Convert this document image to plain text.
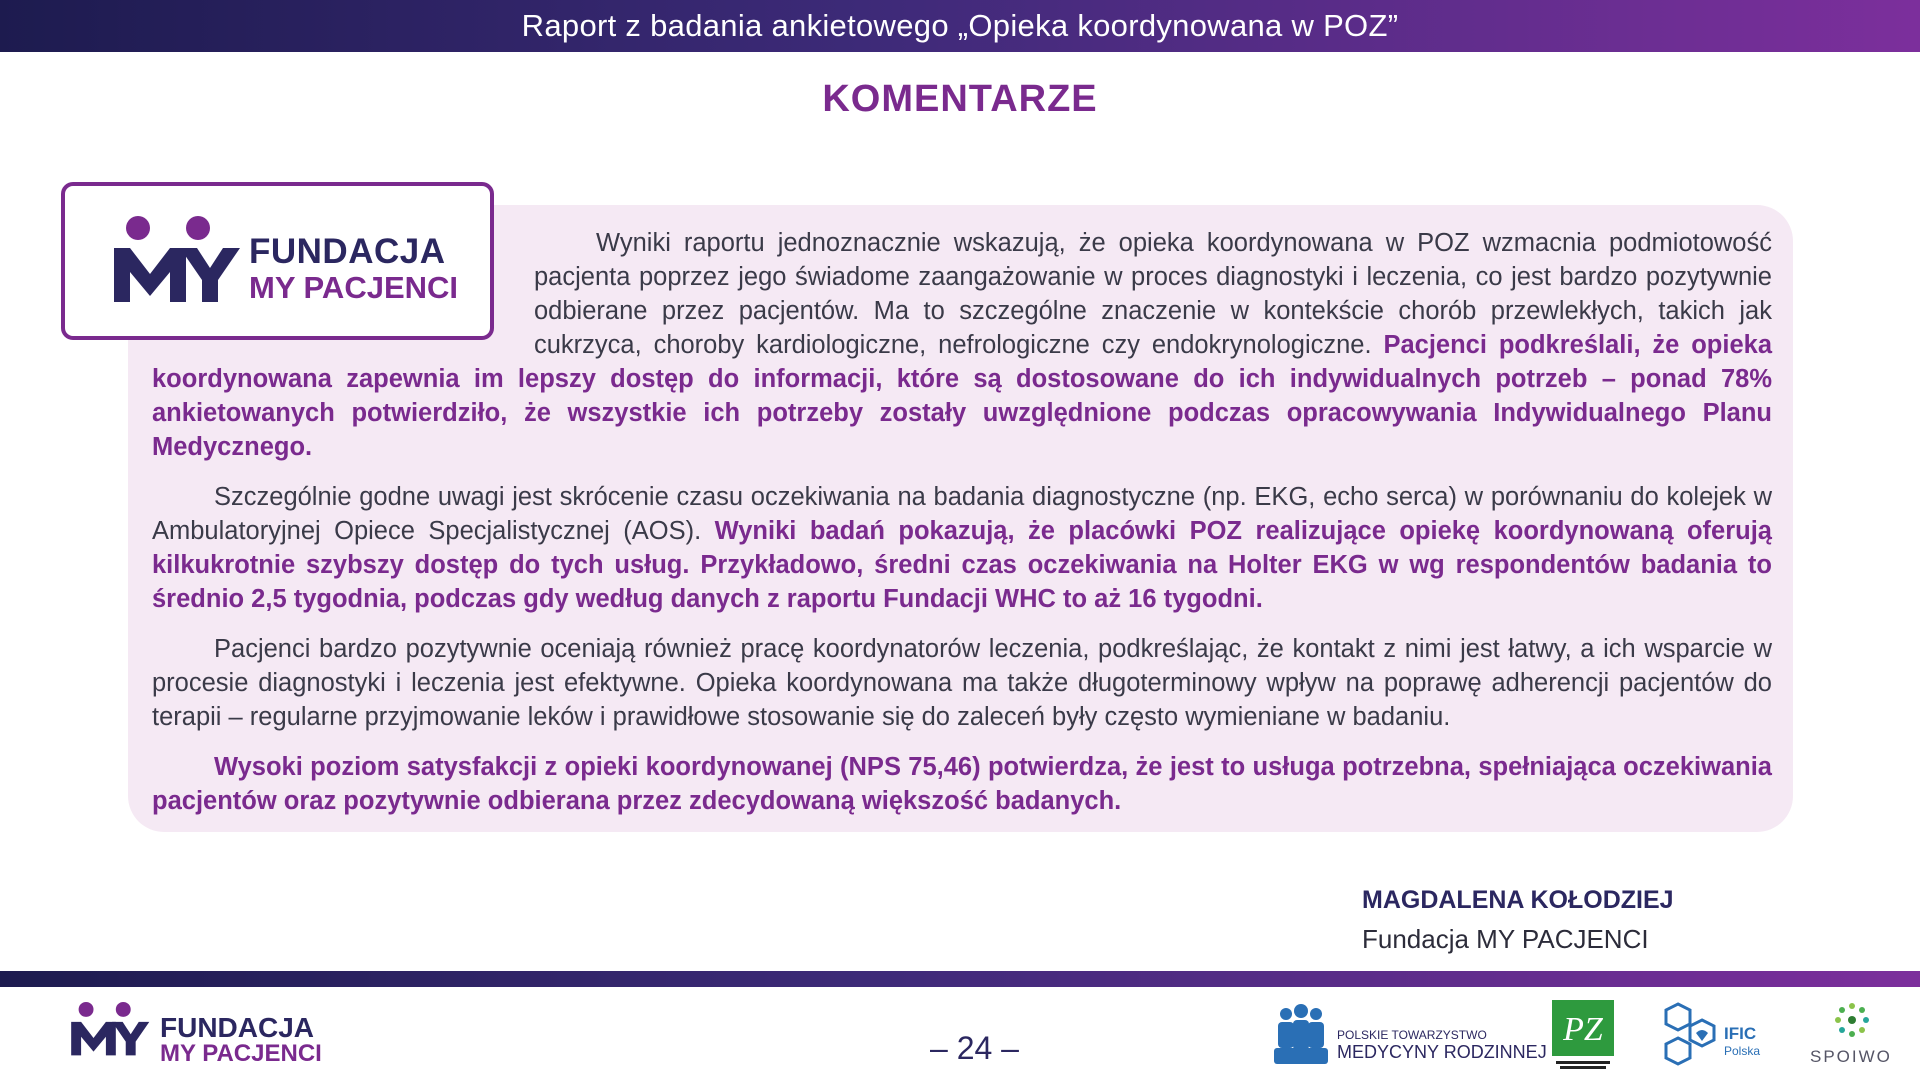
Raport z badania ankietowego „Opieka koordynowana w POZ”
KOMENTARZE
FUNDACJA
MY PACJENCI

Wyniki raportu jednoznacznie wskazują, że opieka koordynowana w POZ wzmacnia podmiotowość pacjenta poprzez jego świadome zaangażowanie w proces diagnostyki i leczenia, co jest bardzo pozytywnie odbierane przez pacjentów. Ma to szczególne znaczenie w kontekście chorób przewlekłych, takich jak cukrzyca, choroby kardiologiczne, nefrologiczne czy endokrynologiczne. Pacjenci podkreślali, że opieka koordynowana zapewnia im lepszy dostęp do informacji, które są dostosowane do ich indywidualnych potrzeb – ponad 78% ankietowanych potwierdziło, że wszystkie ich potrzeby zostały uwzględnione podczas opracowywania Indywidualnego Planu Medycznego.

Szczególnie godne uwagi jest skrócenie czasu oczekiwania na badania diagnostyczne (np. EKG, echo serca) w porównaniu do kolejek w Ambulatoryjnej Opiece Specjalistycznej (AOS). Wyniki badań pokazują, że placówki POZ realizujące opiekę koordynowaną oferują kilkukrotnie szybszy dostęp do tych usług. Przykładowo, średni czas oczekiwania na Holter EKG w wg respondentów badania to średnio 2,5 tygodnia, podczas gdy według danych z raportu Fundacji WHC to aż 16 tygodni.

Pacjenci bardzo pozytywnie oceniają również pracę koordynatorów leczenia, podkreślając, że kontakt z nimi jest łatwy, a ich wsparcie w procesie diagnostyki i leczenia jest efektywne. Opieka koordynowana ma także długoterminowy wpływ na poprawę adherencji pacjentów do terapii – regularne przyjmowanie leków i prawidłowe stosowanie się do zaleceń były często wymieniane w badaniu.

Wysoki poziom satysfakcji z opieki koordynowanej (NPS 75,46) potwierdza, że jest to usługa potrzebna, spełniająca oczekiwania pacjentów oraz pozytywnie odbierana przez zdecydowaną większość badanych.

MAGDALENA KOŁODZIEJ
Fundacja MY PACJENCI
FUNDACJA
MY PACJENCI	– 24 –	POLSKIE TOWARZYSTWO
MEDYCYNY RODZINNEJ
PZ	IFIC
Polska	SPOIWO
